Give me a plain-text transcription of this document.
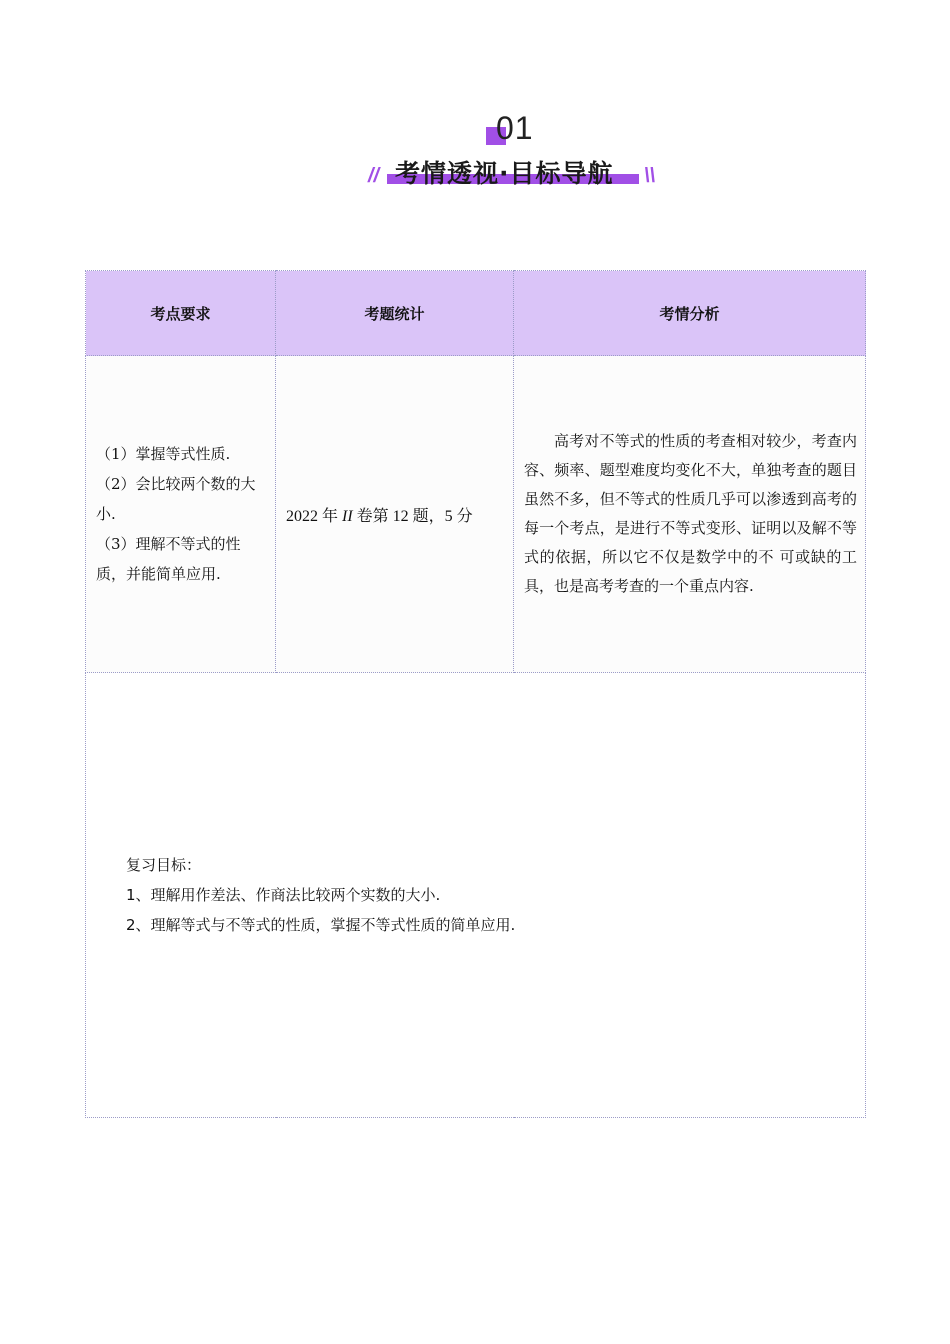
01
// 考情透视·目标导航 \\
考点要求	考题统计	考情分析

（1）掌握等式性质.
（2）会比较两个数的大小.
（3）理解不等式的性质，并能简单应用.	2022 年 II 卷第 12 题，5 分	高考对不等式的性质的考查相对较少，考查内容、频率、题型难度均变化不大，单独考查的题目虽然不多，但不等式的性质几乎可以渗透到高考的每一个考点，是进行不等式变形、证明以及解不等式的依据，所以它不仅是数学中的不 可或缺的工具，也是高考考查的一个重点内容.

复习目标：
1、理解用作差法、作商法比较两个实数的大小.
2、理解等式与不等式的性质，掌握不等式性质的简单应用.		
